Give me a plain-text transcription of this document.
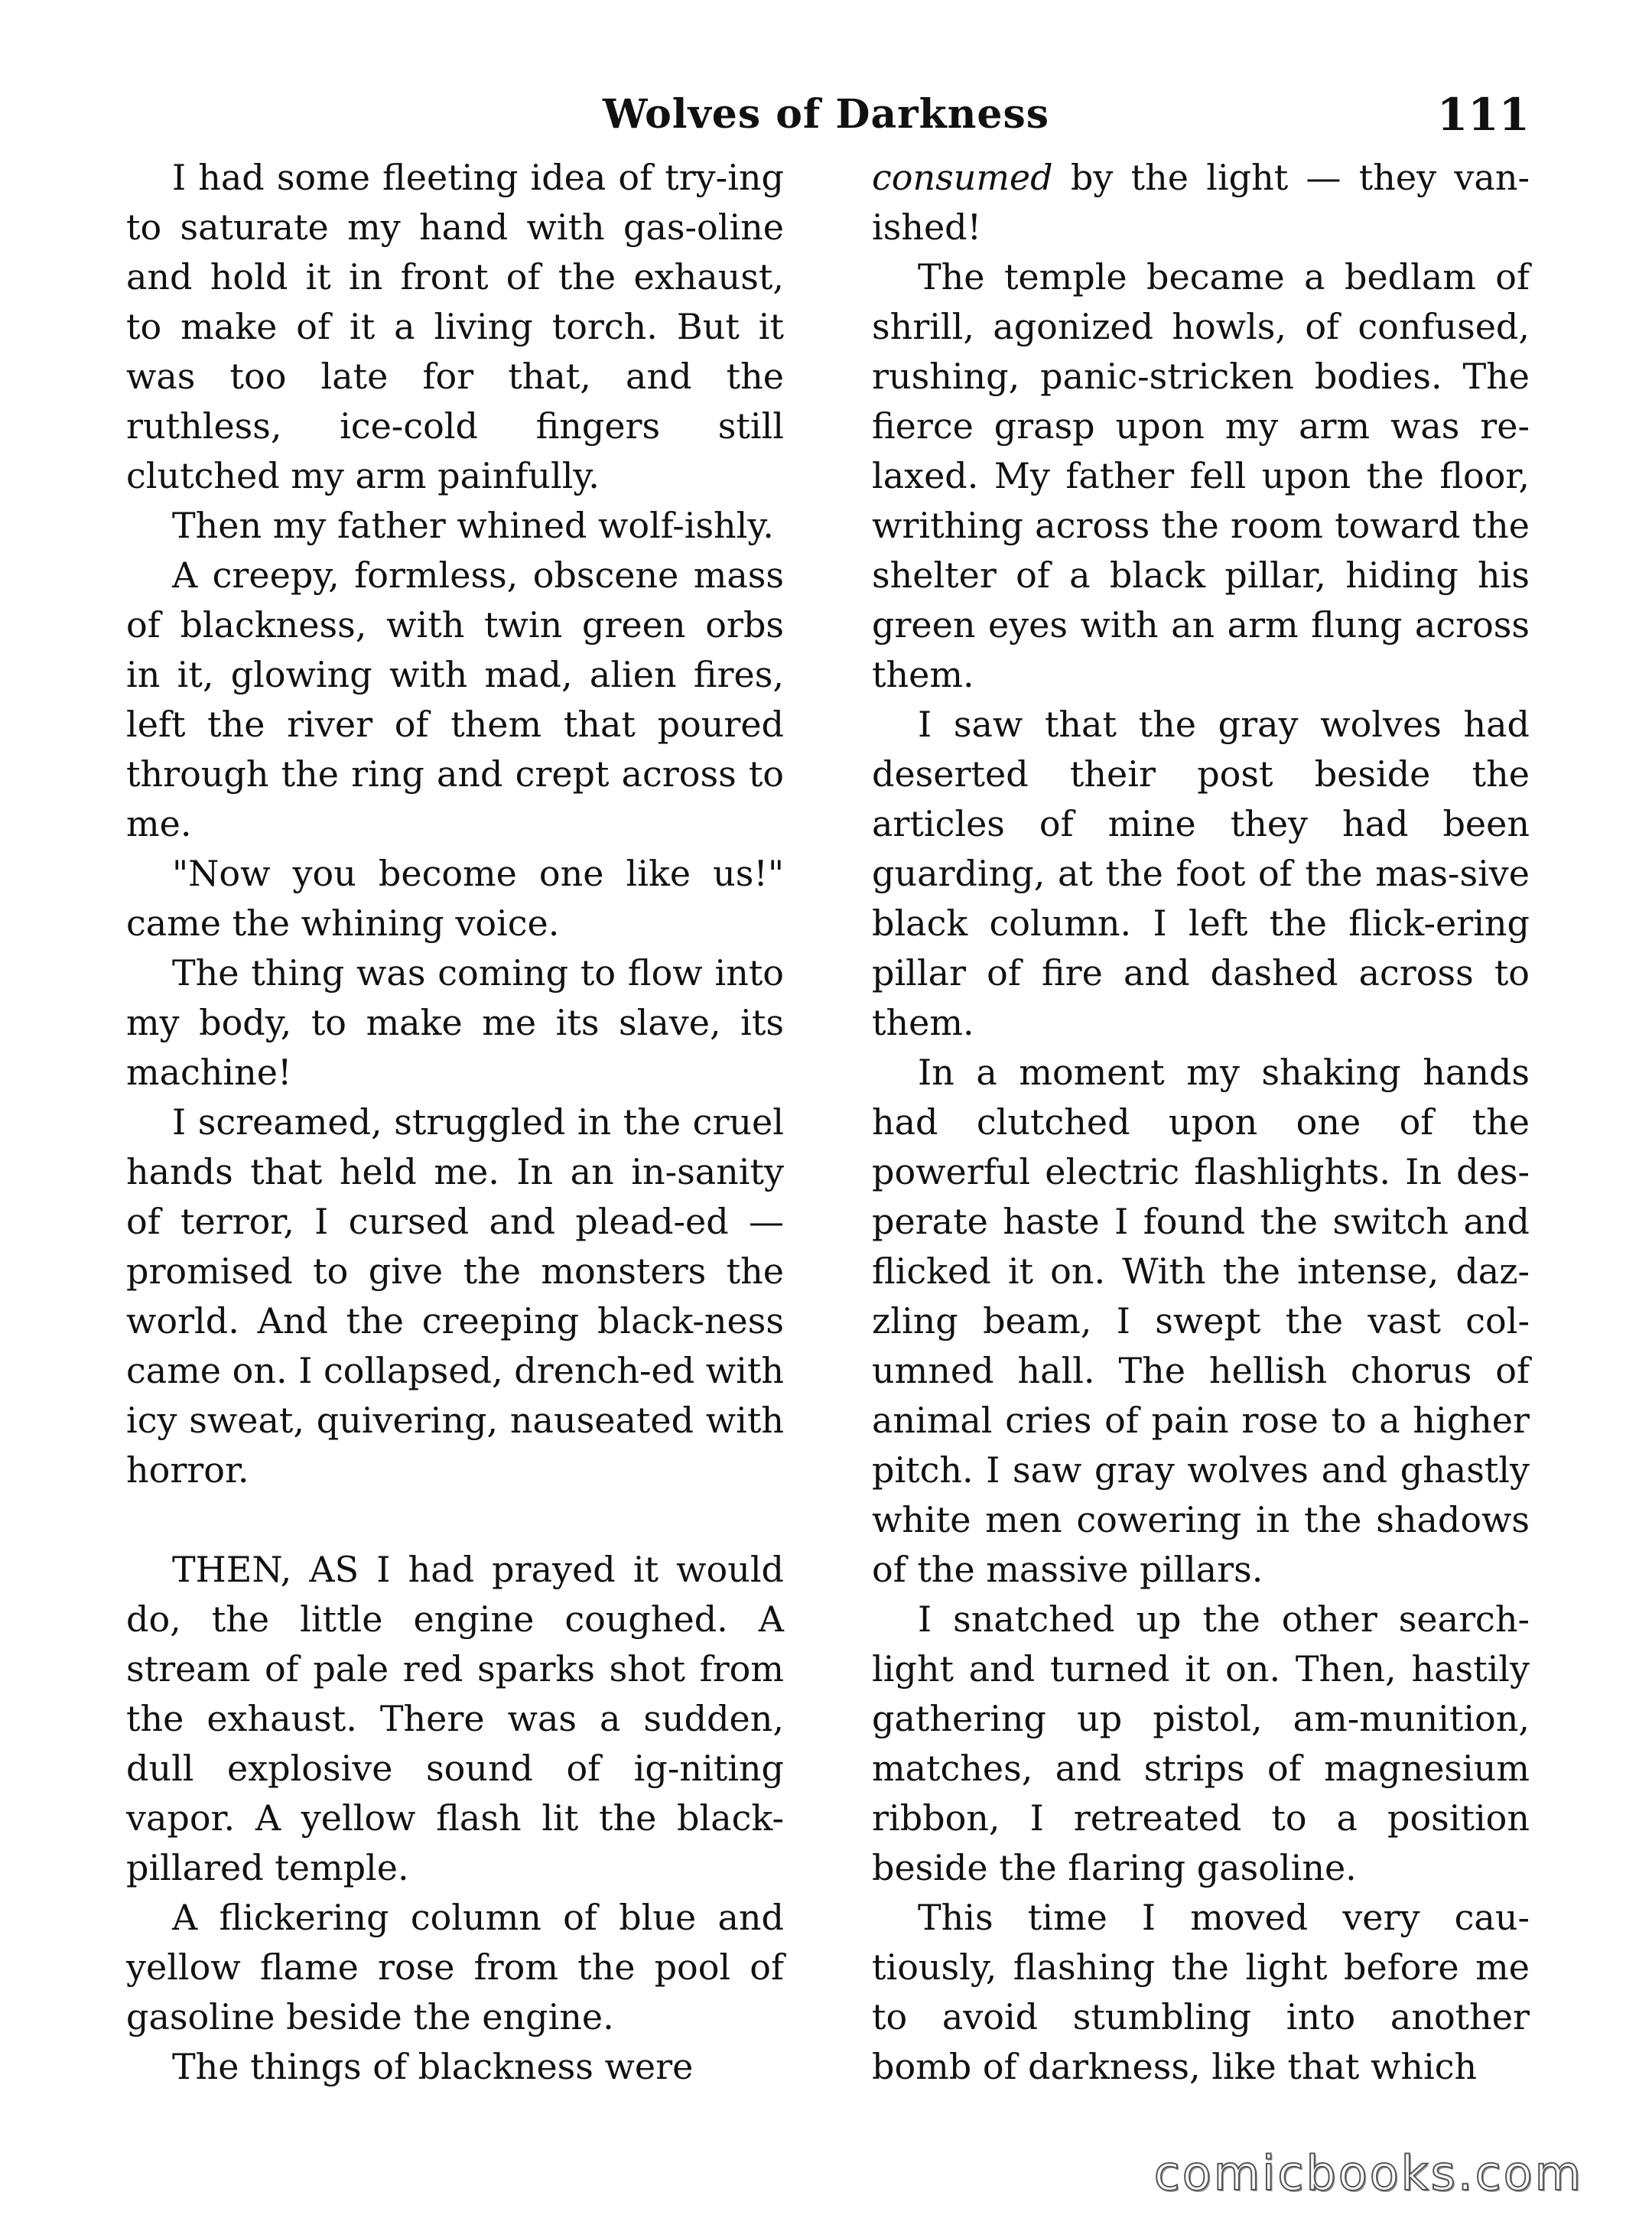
Wolves of Darkness	111

I had some fleeting idea of try-ing to saturate my hand with gas-oline and hold it in front of the exhaust, to make of it a living torch. But it was too late for that, and the ruthless, ice-cold fingers still clutched my arm painfully.

Then my father whined wolf-ishly.

A creepy, formless, obscene mass of blackness, with twin green orbs in it, glowing with mad, alien fires, left the river of them that poured through the ring and crept across to me.

"Now you become one like us!" came the whining voice.

The thing was coming to flow into my body, to make me its slave, its machine!

I screamed, struggled in the cruel hands that held me. In an in-sanity of terror, I cursed and plead-ed — promised to give the monsters the world. And the creeping black-ness came on. I collapsed, drench-ed with icy sweat, quivering, nauseated with horror.

THEN, AS I had prayed it would do, the little engine coughed. A stream of pale red sparks shot from the exhaust. There was a sudden, dull explosive sound of ig-niting vapor. A yellow flash lit the black-pillared temple.

A flickering column of blue and yellow flame rose from the pool of gasoline beside the engine.

The things of blackness were

consumed by the light — they van-ished!

The temple became a bedlam of shrill, agonized howls, of confused, rushing, panic-stricken bodies. The fierce grasp upon my arm was re-laxed. My father fell upon the floor, writhing across the room toward the shelter of a black pillar, hiding his green eyes with an arm flung across them.

I saw that the gray wolves had deserted their post beside the articles of mine they had been guarding, at the foot of the mas-sive black column. I left the flick-ering pillar of fire and dashed across to them.

In a moment my shaking hands had clutched upon one of the powerful electric flashlights. In des-perate haste I found the switch and flicked it on. With the intense, daz-zling beam, I swept the vast col-umned hall. The hellish chorus of animal cries of pain rose to a higher pitch. I saw gray wolves and ghastly white men cowering in the shadows of the massive pillars.

I snatched up the other search-light and turned it on. Then, hastily gathering up pistol, am-munition, matches, and strips of magnesium ribbon, I retreated to a position beside the flaring gasoline.

This time I moved very cau-tiously, flashing the light before me to avoid stumbling into another bomb of darkness, like that which

comicbooks.com
